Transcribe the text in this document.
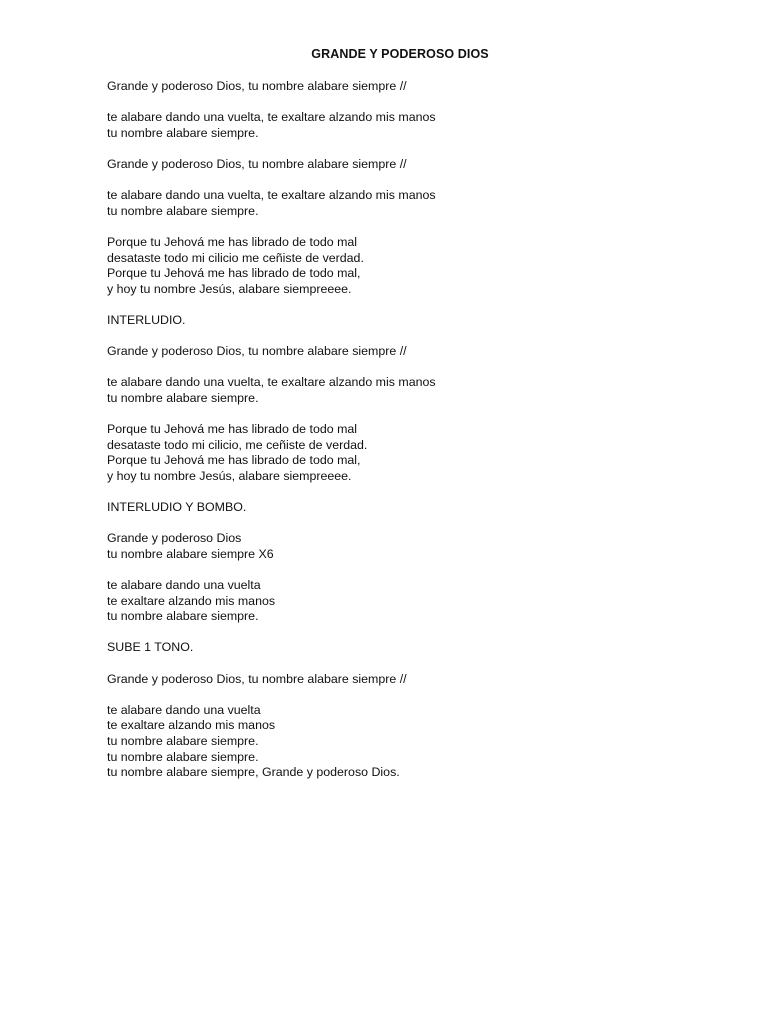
GRANDE Y PODEROSO DIOS
Grande y poderoso Dios, tu nombre alabare siempre //
te alabare dando una vuelta, te exaltare alzando mis manos
tu nombre alabare siempre.
Grande y poderoso Dios, tu nombre alabare siempre //
te alabare dando una vuelta, te exaltare alzando mis manos
tu nombre alabare siempre.
Porque tu Jehová me has librado de todo mal
desataste todo mi cilicio me ceñiste de verdad.
Porque tu Jehová me has librado de todo mal,
y hoy tu nombre Jesús, alabare siempreeee.
INTERLUDIO.
Grande y poderoso Dios, tu nombre alabare siempre //
te alabare dando una vuelta, te exaltare alzando mis manos
tu nombre alabare siempre.
Porque tu Jehová me has librado de todo mal
desataste todo mi cilicio, me ceñiste de verdad.
Porque tu Jehová me has librado de todo mal,
y hoy tu nombre Jesús, alabare siempreeee.
INTERLUDIO Y BOMBO.
Grande y poderoso Dios
tu nombre alabare siempre X6
te alabare dando una vuelta
te exaltare alzando mis manos
tu nombre alabare siempre.
SUBE 1 TONO.
Grande y poderoso Dios, tu nombre alabare siempre //
te alabare dando una vuelta
te exaltare alzando mis manos
tu nombre alabare siempre.
tu nombre alabare siempre.
tu nombre alabare siempre, Grande y poderoso Dios.
